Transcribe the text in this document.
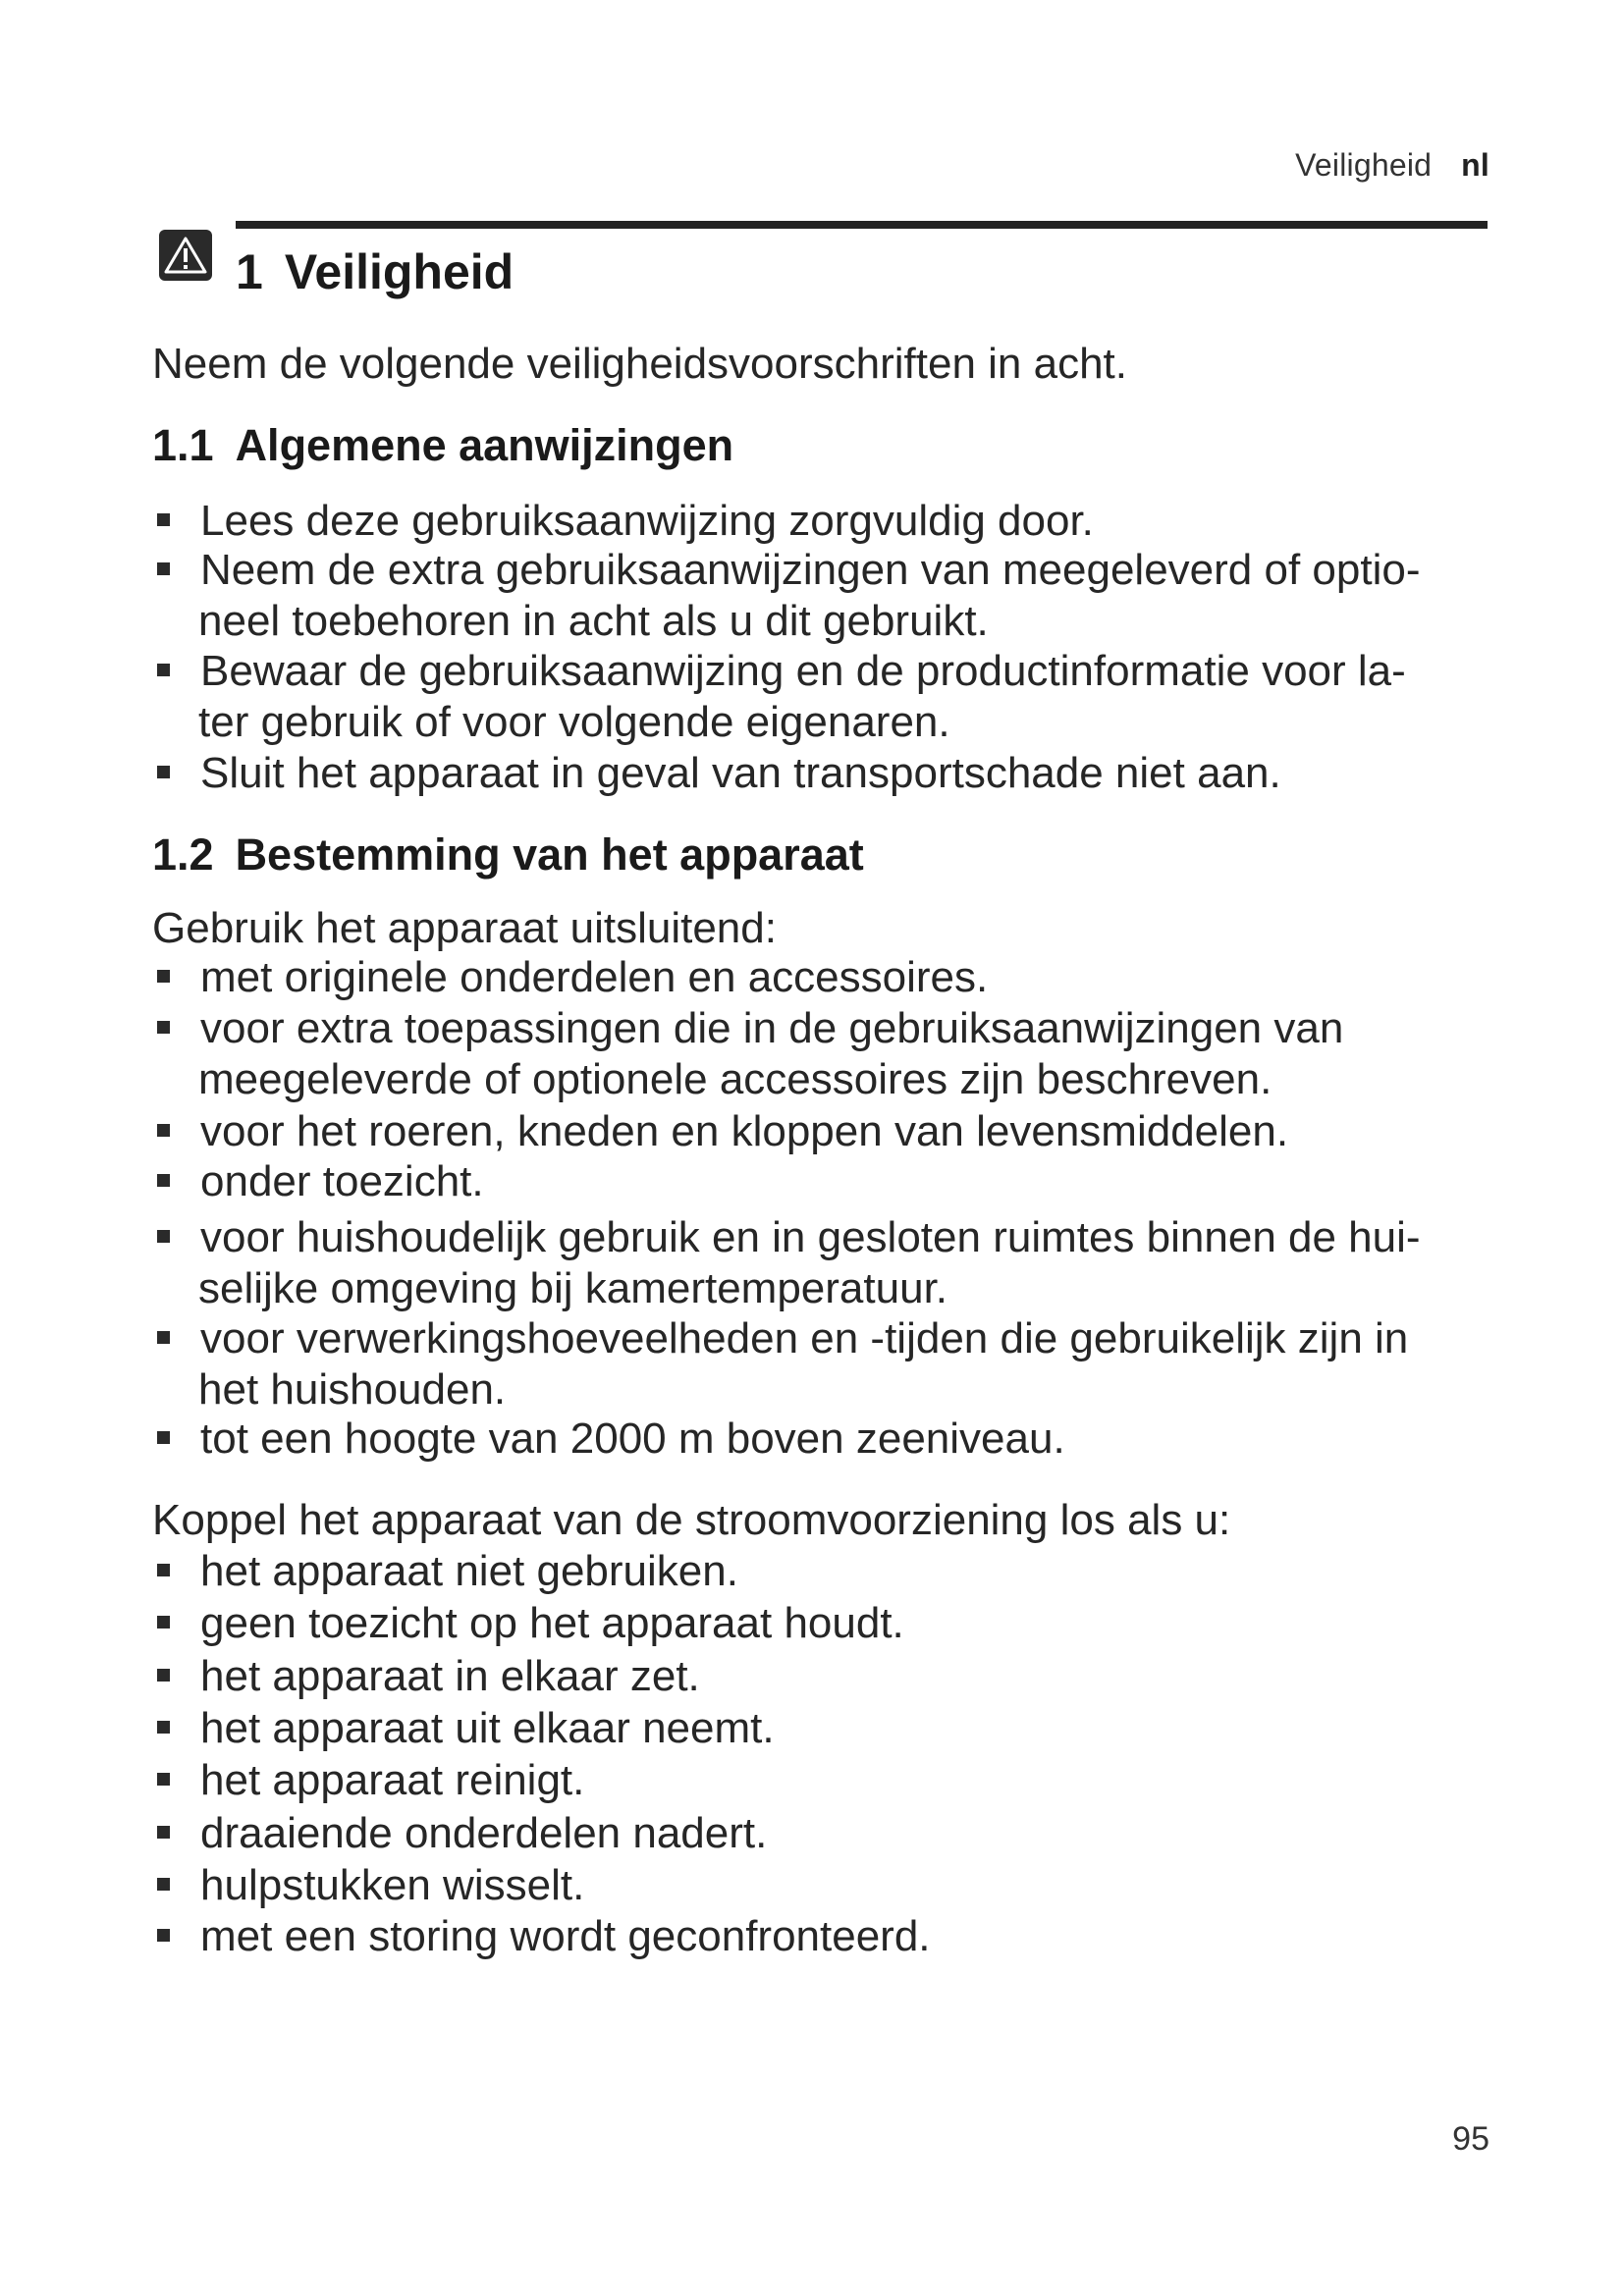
Veiligheid nl
1 Veiligheid

Neem de volgende veiligheidsvoorschriften in acht.

1.1 Algemene aanwijzingen
Lees deze gebruiksaanwijzing zorgvuldig door.
Neem de extra gebruiksaanwijzingen van meegeleverd of optio-
neel toebehoren in acht als u dit gebruikt.
Bewaar de gebruiksaanwijzing en de productinformatie voor la-
ter gebruik of voor volgende eigenaren.
Sluit het apparaat in geval van transportschade niet aan.
1.2 Bestemming van het apparaat

Gebruik het apparaat uitsluitend:

met originele onderdelen en accessoires.
voor extra toepassingen die in de gebruiksaanwijzingen van
meegeleverde of optionele accessoires zijn beschreven.
voor het roeren, kneden en kloppen van levensmiddelen.
onder toezicht.
voor huishoudelijk gebruik en in gesloten ruimtes binnen de hui-
selijke omgeving bij kamertemperatuur.
voor verwerkingshoeveelheden en -tijden die gebruikelijk zijn in
het huishouden.
tot een hoogte van 2000 m boven zeeniveau.

Koppel het apparaat van de stroomvoorziening los als u:

het apparaat niet gebruiken.
geen toezicht op het apparaat houdt.
het apparaat in elkaar zet.
het apparaat uit elkaar neemt.
het apparaat reinigt.
draaiende onderdelen nadert.
hulpstukken wisselt.
met een storing wordt geconfronteerd.
95
